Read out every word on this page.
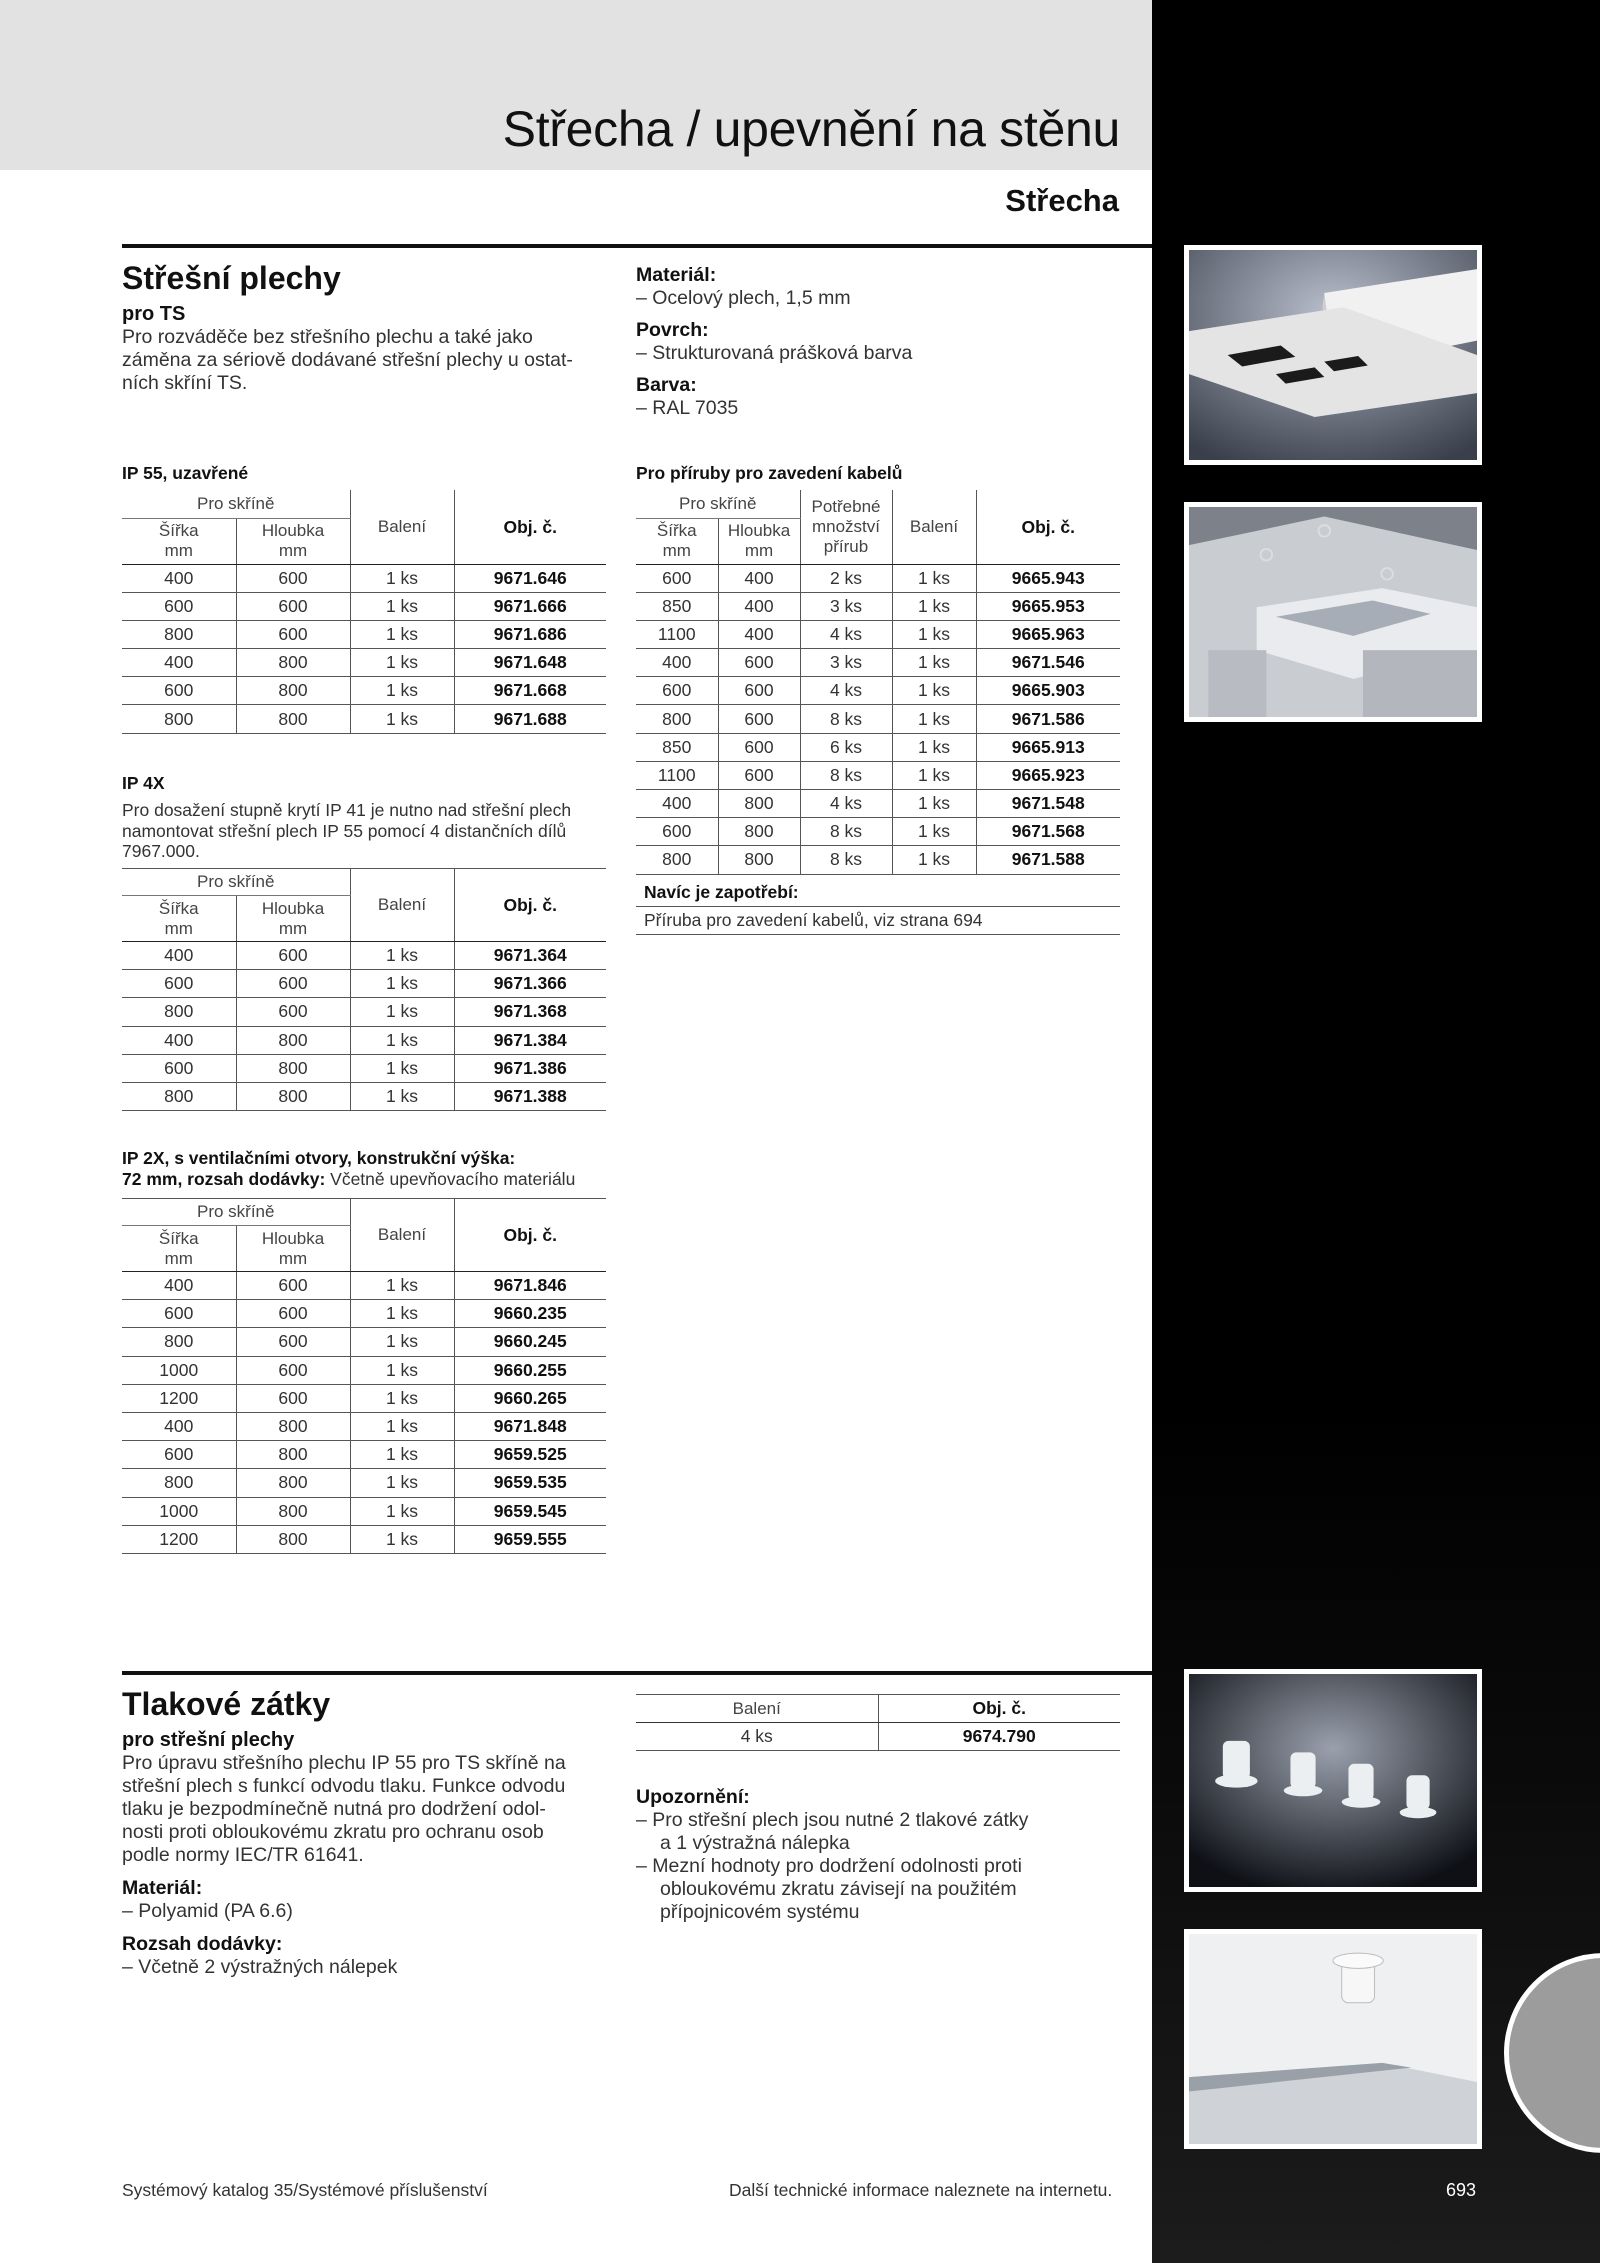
Střecha / upevnění na stěnu
Střecha
Střešní plechy
pro TS
Pro rozváděče bez střešního plechu a také jako
záměna za sériově dodávané střešní plechy u ostat-
ních skříní TS.
Materiál:
– Ocelový plech, 1,5 mm
Povrch:
– Strukturovaná prášková barva
Barva:
– RAL 7035
IP 55, uzavřené
Pro skříně		Balení	Obj. č.
Šířka
mm	Hloubka
mm		
400	600	1 ks	9671.646
600	600	1 ks	9671.666
800	600	1 ks	9671.686
400	800	1 ks	9671.648
600	800	1 ks	9671.668
800	800	1 ks	9671.688
IP 4X
Pro dosažení stupně krytí IP 41 je nutno nad střešní plech
namontovat střešní plech IP 55 pomocí 4 distančních dílů
7967.000.
Pro skříně		Balení	Obj. č.
Šířka
mm	Hloubka
mm		
400	600	1 ks	9671.364
600	600	1 ks	9671.366
800	600	1 ks	9671.368
400	800	1 ks	9671.384
600	800	1 ks	9671.386
800	800	1 ks	9671.388
IP 2X, s ventilačními otvory, konstrukční výška:
72 mm, rozsah dodávky: Včetně upevňovacího materiálu
Pro skříně		Balení	Obj. č.
Šířka
mm	Hloubka
mm		
400	600	1 ks	9671.846
600	600	1 ks	9660.235
800	600	1 ks	9660.245
1000	600	1 ks	9660.255
1200	600	1 ks	9660.265
400	800	1 ks	9671.848
600	800	1 ks	9659.525
800	800	1 ks	9659.535
1000	800	1 ks	9659.545
1200	800	1 ks	9659.555
Pro příruby pro zavedení kabelů
Pro skříně		Potřebné
množství
přírub	Balení	Obj. č.
Šířka
mm	Hloubka
mm			
600	400	2 ks	1 ks	9665.943
850	400	3 ks	1 ks	9665.953
1100	400	4 ks	1 ks	9665.963
400	600	3 ks	1 ks	9671.546
600	600	4 ks	1 ks	9665.903
800	600	8 ks	1 ks	9671.586
850	600	6 ks	1 ks	9665.913
1100	600	8 ks	1 ks	9665.923
400	800	4 ks	1 ks	9671.548
600	800	8 ks	1 ks	9671.568
800	800	8 ks	1 ks	9671.588
Navíc je zapotřebí:
Příruba pro zavedení kabelů, viz strana 694
Tlakové zátky
pro střešní plechy
Pro úpravu střešního plechu IP 55 pro TS skříně na
střešní plech s funkcí odvodu tlaku. Funkce odvodu
tlaku je bezpodmínečně nutná pro dodržení odol-
nosti proti obloukovému zkratu pro ochranu osob
podle normy IEC/TR 61641.
Materiál:
– Polyamid (PA 6.6)
Rozsah dodávky:
– Včetně 2 výstražných nálepek
Balení	Obj. č.
4 ks	9674.790
Upozornění:
– Pro střešní plech jsou nutné 2 tlakové zátky
a 1 výstražná nálepka
– Mezní hodnoty pro dodržení odolnosti proti
obloukovému zkratu závisejí na použitém
přípojnicovém systému
Systémový katalog 35/Systémové příslušenství	Další technické informace naleznete na internetu.	693
